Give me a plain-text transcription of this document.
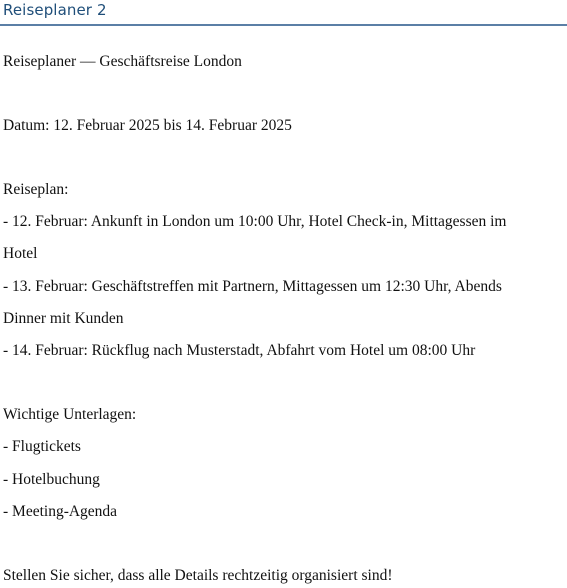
Reiseplaner 2
Reiseplaner — Geschäftsreise London
Datum: 12. Februar 2025 bis 14. Februar 2025
Reiseplan:
- 12. Februar: Ankunft in London um 10:00 Uhr, Hotel Check-in, Mittagessen im
Hotel
- 13. Februar: Geschäftstreffen mit Partnern, Mittagessen um 12:30 Uhr, Abends
Dinner mit Kunden
- 14. Februar: Rückflug nach Musterstadt, Abfahrt vom Hotel um 08:00 Uhr
Wichtige Unterlagen:
- Flugtickets
- Hotelbuchung
- Meeting-Agenda
Stellen Sie sicher, dass alle Details rechtzeitig organisiert sind!
